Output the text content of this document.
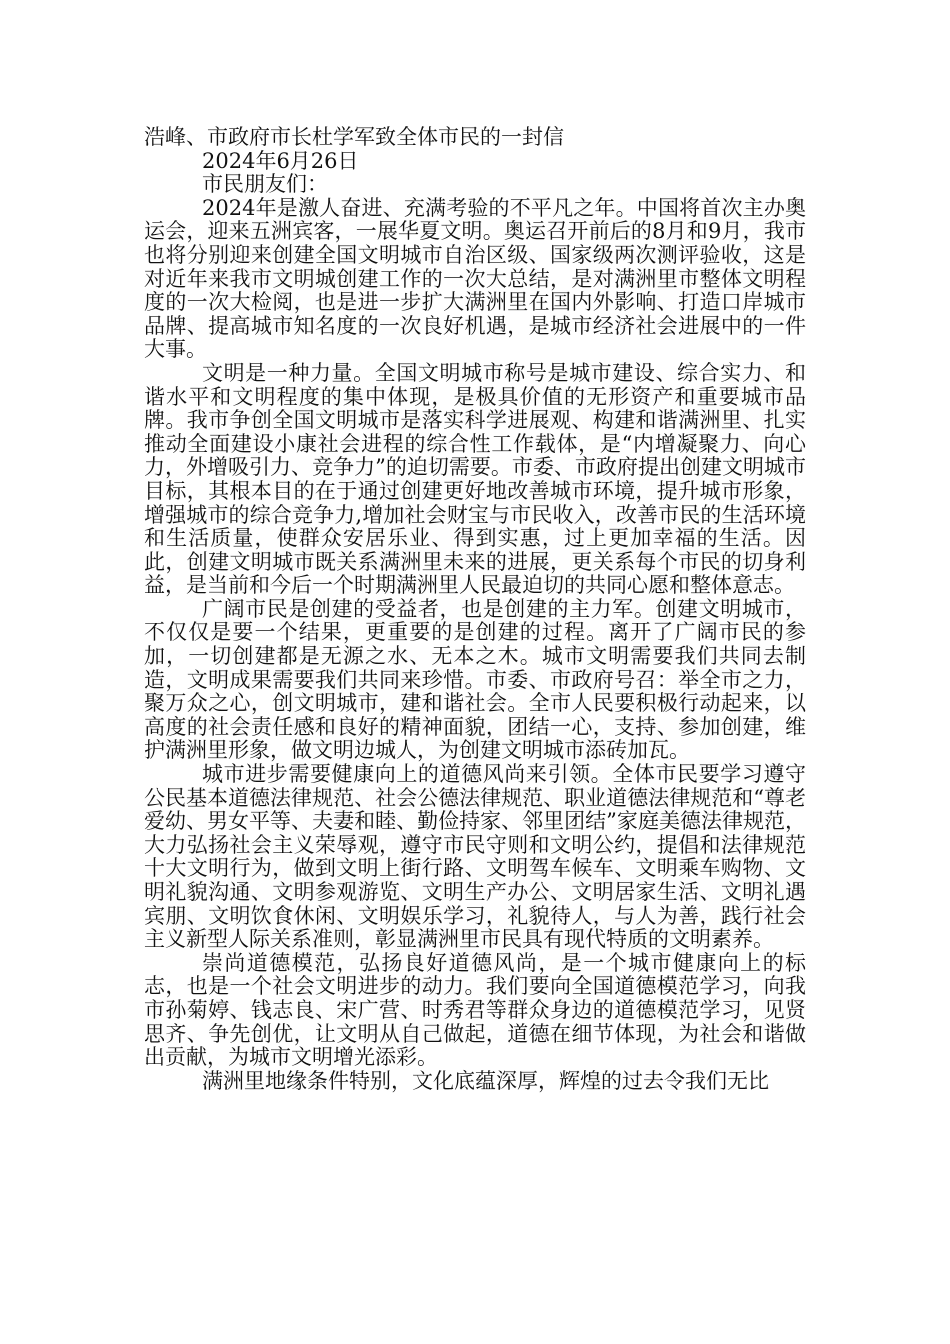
浩峰、市政府市长杜学军致全体市民的一封信

2024年6月26日

市民朋友们：

2024年是激人奋进、充满考验的不平凡之年。中国将首次主办奥运会，迎来五洲宾客，一展华夏文明。奥运召开前后的8月和9月，我市也将分别迎来创建全国文明城市自治区级、国家级两次测评验收，这是对近年来我市文明城创建工作的一次大总结，是对满洲里市整体文明程度的一次大检阅，也是进一步扩大满洲里在国内外影响、打造口岸城市品牌、提高城市知名度的一次良好机遇，是城市经济社会进展中的一件大事。

文明是一种力量。全国文明城市称号是城市建设、综合实力、和谐水平和文明程度的集中体现，是极具价值的无形资产和重要城市品牌。我市争创全国文明城市是落实科学进展观、构建和谐满洲里、扎实推动全面建设小康社会进程的综合性工作载体，是“内增凝聚力、向心力，外增吸引力、竞争力”的迫切需要。市委、市政府提出创建文明城市目标，其根本目的在于通过创建更好地改善城市环境，提升城市形象，增强城市的综合竞争力,增加社会财宝与市民收入，改善市民的生活环境和生活质量，使群众安居乐业、得到实惠，过上更加幸福的生活。因此，创建文明城市既关系满洲里未来的进展，更关系每个市民的切身利益，是当前和今后一个时期满洲里人民最迫切的共同心愿和整体意志。

广阔市民是创建的受益者，也是创建的主力军。创建文明城市，不仅仅是要一个结果，更重要的是创建的过程。离开了广阔市民的参加，一切创建都是无源之水、无本之木。城市文明需要我们共同去制造，文明成果需要我们共同来珍惜。市委、市政府号召：举全市之力，聚万众之心，创文明城市，建和谐社会。全市人民要积极行动起来，以高度的社会责任感和良好的精神面貌，团结一心，支持、参加创建，维护满洲里形象，做文明边城人，为创建文明城市添砖加瓦。

城市进步需要健康向上的道德风尚来引领。全体市民要学习遵守公民基本道德法律规范、社会公德法律规范、职业道德法律规范和“尊老爱幼、男女平等、夫妻和睦、勤俭持家、邻里团结”家庭美德法律规范，大力弘扬社会主义荣辱观，遵守市民守则和文明公约，提倡和法律规范十大文明行为，做到文明上街行路、文明驾车候车、文明乘车购物、文明礼貌沟通、文明参观游览、文明生产办公、文明居家生活、文明礼遇宾朋、文明饮食休闲、文明娱乐学习，礼貌待人，与人为善，践行社会主义新型人际关系准则，彰显满洲里市民具有现代特质的文明素养。

崇尚道德模范，弘扬良好道德风尚，是一个城市健康向上的标志，也是一个社会文明进步的动力。我们要向全国道德模范学习，向我市孙菊婷、钱志良、宋广营、时秀君等群众身边的道德模范学习，见贤思齐、争先创优，让文明从自己做起，道德在细节体现，为社会和谐做出贡献，为城市文明增光添彩。

满洲里地缘条件特别，文化底蕴深厚，辉煌的过去令我们无比
